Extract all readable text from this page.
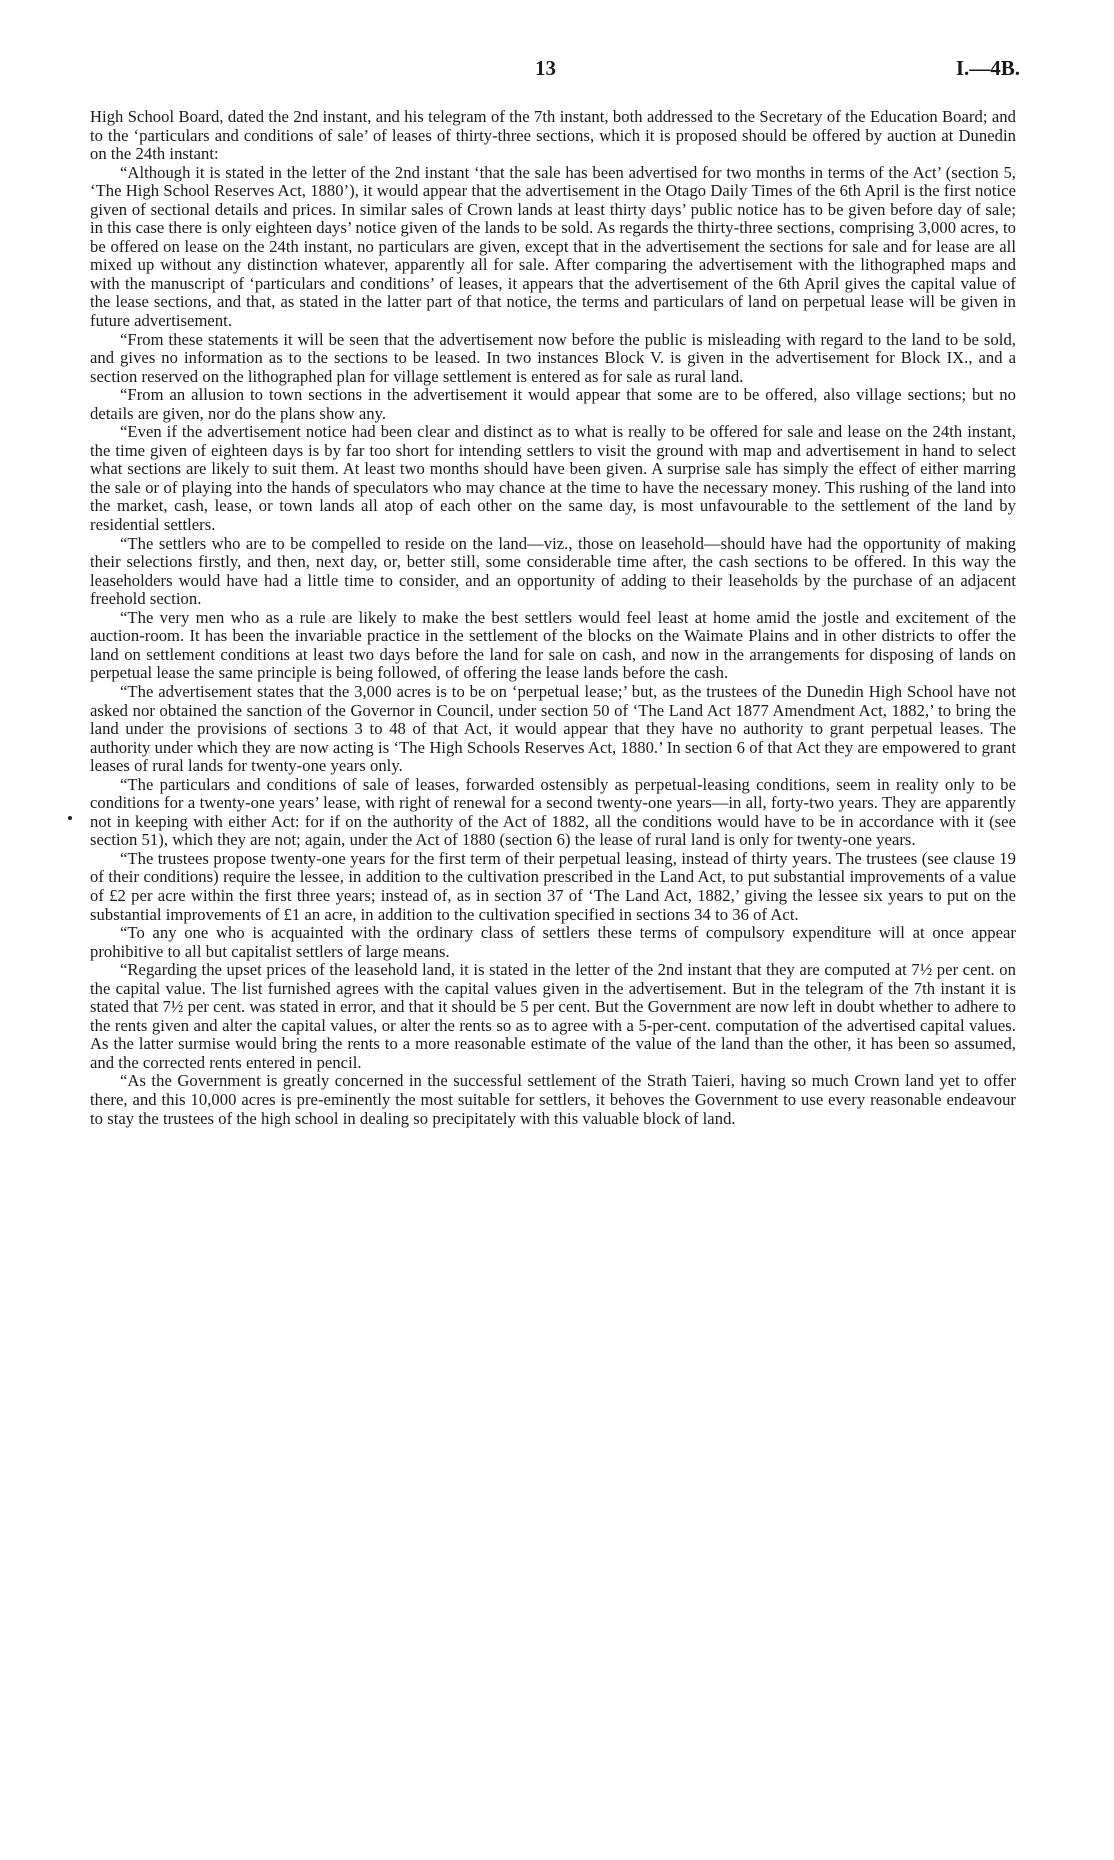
13	I.—4B.

High School Board, dated the 2nd instant, and his telegram of the 7th instant, both addressed to the Secretary of the Education Board; and to the ‘particulars and conditions of sale’ of leases of thirty-three sections, which it is proposed should be offered by auction at Dunedin on the 24th instant:

“Although it is stated in the letter of the 2nd instant ‘that the sale has been advertised for two months in terms of the Act’ (section 5, ‘The High School Reserves Act, 1880’), it would appear that the advertisement in the Otago Daily Times of the 6th April is the first notice given of sectional details and prices. In similar sales of Crown lands at least thirty days’ public notice has to be given before day of sale; in this case there is only eighteen days’ notice given of the lands to be sold. As regards the thirty-three sections, comprising 3,000 acres, to be offered on lease on the 24th instant, no particulars are given, except that in the advertisement the sections for sale and for lease are all mixed up without any distinction whatever, apparently all for sale. After comparing the advertisement with the lithographed maps and with the manuscript of ‘particulars and conditions’ of leases, it appears that the advertisement of the 6th April gives the capital value of the lease sections, and that, as stated in the latter part of that notice, the terms and particulars of land on perpetual lease will be given in future advertisement.

“From these statements it will be seen that the advertisement now before the public is misleading with regard to the land to be sold, and gives no information as to the sections to be leased. In two instances Block V. is given in the advertisement for Block IX., and a section reserved on the lithographed plan for village settlement is entered as for sale as rural land.

“From an allusion to town sections in the advertisement it would appear that some are to be offered, also village sections; but no details are given, nor do the plans show any.

“Even if the advertisement notice had been clear and distinct as to what is really to be offered for sale and lease on the 24th instant, the time given of eighteen days is by far too short for intending settlers to visit the ground with map and advertisement in hand to select what sections are likely to suit them. At least two months should have been given. A surprise sale has simply the effect of either marring the sale or of playing into the hands of speculators who may chance at the time to have the necessary money. This rushing of the land into the market, cash, lease, or town lands all atop of each other on the same day, is most unfavourable to the settlement of the land by residential settlers.

“The settlers who are to be compelled to reside on the land—viz., those on leasehold—should have had the opportunity of making their selections firstly, and then, next day, or, better still, some considerable time after, the cash sections to be offered. In this way the leaseholders would have had a little time to consider, and an opportunity of adding to their leaseholds by the purchase of an adjacent freehold section.

“The very men who as a rule are likely to make the best settlers would feel least at home amid the jostle and excitement of the auction-room. It has been the invariable practice in the settlement of the blocks on the Waimate Plains and in other districts to offer the land on settlement conditions at least two days before the land for sale on cash, and now in the arrangements for disposing of lands on perpetual lease the same principle is being followed, of offering the lease lands before the cash.

“The advertisement states that the 3,000 acres is to be on ‘perpetual lease;’ but, as the trustees of the Dunedin High School have not asked nor obtained the sanction of the Governor in Council, under section 50 of ‘The Land Act 1877 Amendment Act, 1882,’ to bring the land under the provisions of sections 3 to 48 of that Act, it would appear that they have no authority to grant perpetual leases. The authority under which they are now acting is ‘The High Schools Reserves Act, 1880.’ In section 6 of that Act they are empowered to grant leases of rural lands for twenty-one years only.

“The particulars and conditions of sale of leases, forwarded ostensibly as perpetual-leasing conditions, seem in reality only to be conditions for a twenty-one years’ lease, with right of renewal for a second twenty-one years—in all, forty-two years. They are apparently not in keeping with either Act: for if on the authority of the Act of 1882, all the conditions would have to be in accordance with it (see section 51), which they are not; again, under the Act of 1880 (section 6) the lease of rural land is only for twenty-one years.

“The trustees propose twenty-one years for the first term of their perpetual leasing, instead of thirty years. The trustees (see clause 19 of their conditions) require the lessee, in addition to the cultivation prescribed in the Land Act, to put substantial improvements of a value of £2 per acre within the first three years; instead of, as in section 37 of ‘The Land Act, 1882,’ giving the lessee six years to put on the substantial improvements of £1 an acre, in addition to the cultivation specified in sections 34 to 36 of Act.

“To any one who is acquainted with the ordinary class of settlers these terms of compulsory expenditure will at once appear prohibitive to all but capitalist settlers of large means.

“Regarding the upset prices of the leasehold land, it is stated in the letter of the 2nd instant that they are computed at 7½ per cent. on the capital value. The list furnished agrees with the capital values given in the advertisement. But in the telegram of the 7th instant it is stated that 7½ per cent. was stated in error, and that it should be 5 per cent. But the Government are now left in doubt whether to adhere to the rents given and alter the capital values, or alter the rents so as to agree with a 5-per-cent. computation of the advertised capital values. As the latter surmise would bring the rents to a more reasonable estimate of the value of the land than the other, it has been so assumed, and the corrected rents entered in pencil.

“As the Government is greatly concerned in the successful settlement of the Strath Taieri, having so much Crown land yet to offer there, and this 10,000 acres is pre-eminently the most suitable for settlers, it behoves the Government to use every reasonable endeavour to stay the trustees of the high school in dealing so precipitately with this valuable block of land.
